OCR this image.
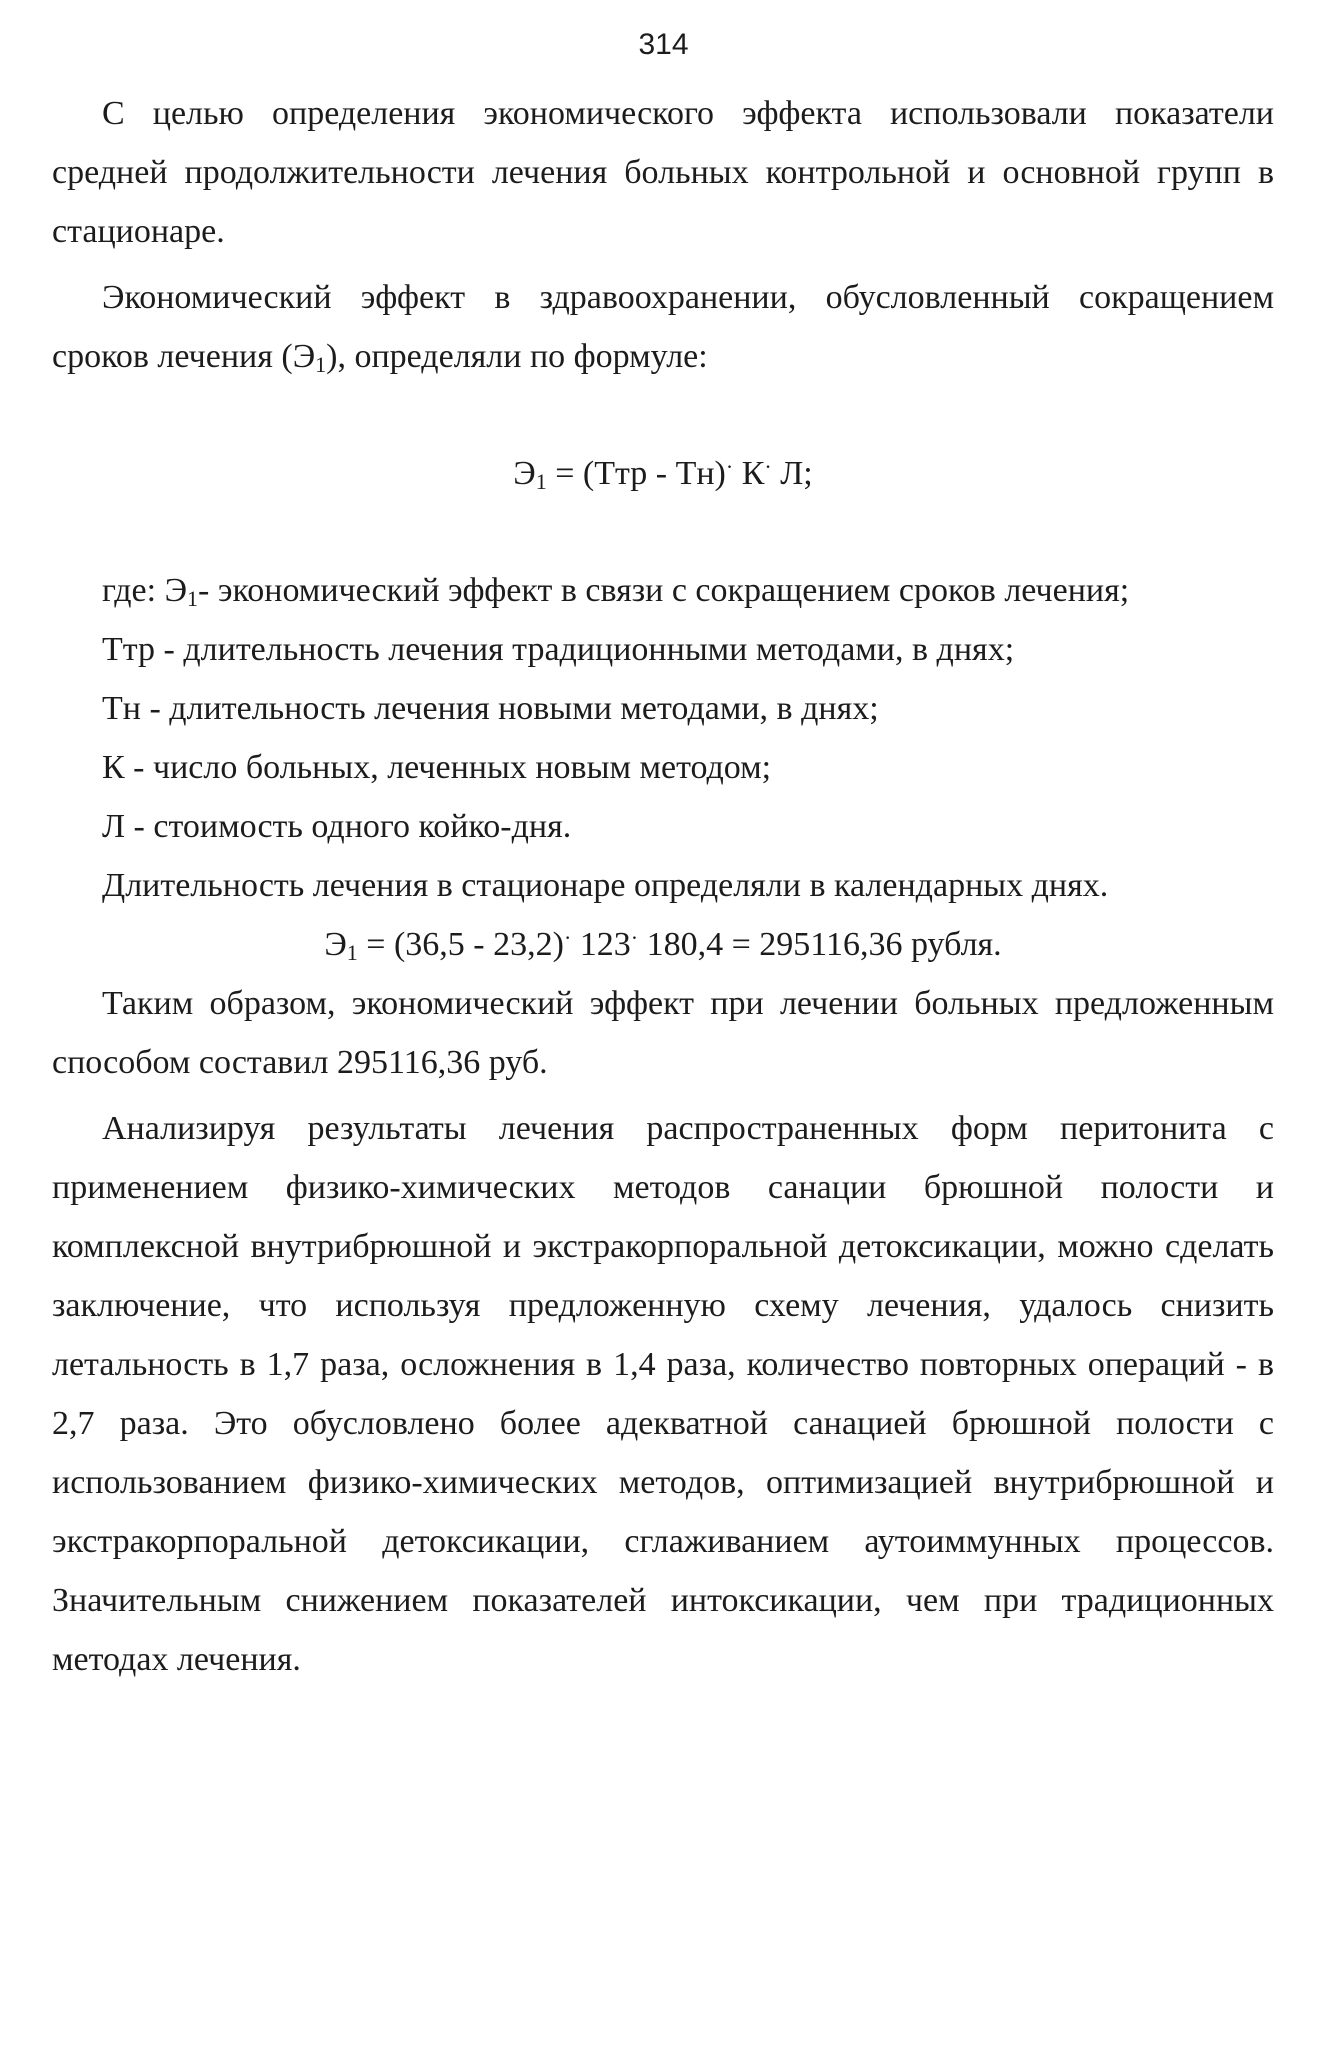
314

С целью определения экономического эффекта использовали показатели средней продолжительности лечения больных контрольной и основной групп в стационаре.

Экономический эффект в здравоохранении, обусловленный сокращением сроков лечения $(Э_1)$, определяли по формуле:

$Э_1 = (Ттр - Тн)^\cdot$ К· Л;

где: $Э_1-$ экономический эффект в связи с сокращением сроков лечения;

Ттр - длительность лечения традиционными методами, в днях;

Тн - длительность лечения новыми методами, в днях;

К - число больных, леченных новым методом;

Л - стоимость одного койко-дня.

Длительность лечения в стационаре определяли в календарных днях.

$Э_1 = (36,5 - 23,2)^\cdot$ 123· 180,4 = 295116,36 рубля.

Таким образом, экономический эффект при лечении больных предложенным способом составил 295116,36 руб.

Анализируя результаты лечения распространенных форм перитонита с применением физико-химических методов санации брюшной полости и комплексной внутрибрюшной и экстракорпоральной детоксикации, можно сделать заключение, что используя предложенную схему лечения, удалось снизить летальность в 1,7 раза, осложнения в 1,4 раза, количество повторных операций - в 2,7 раза. Это обусловлено более адекватной санацией брюшной полости с использованием физико-химических методов, оптимизацией внутрибрюшной и экстракорпоральной детоксикации, сглаживанием аутоиммунных процессов. Значительным снижением показателей интоксикации, чем при традиционных методах лечения.
